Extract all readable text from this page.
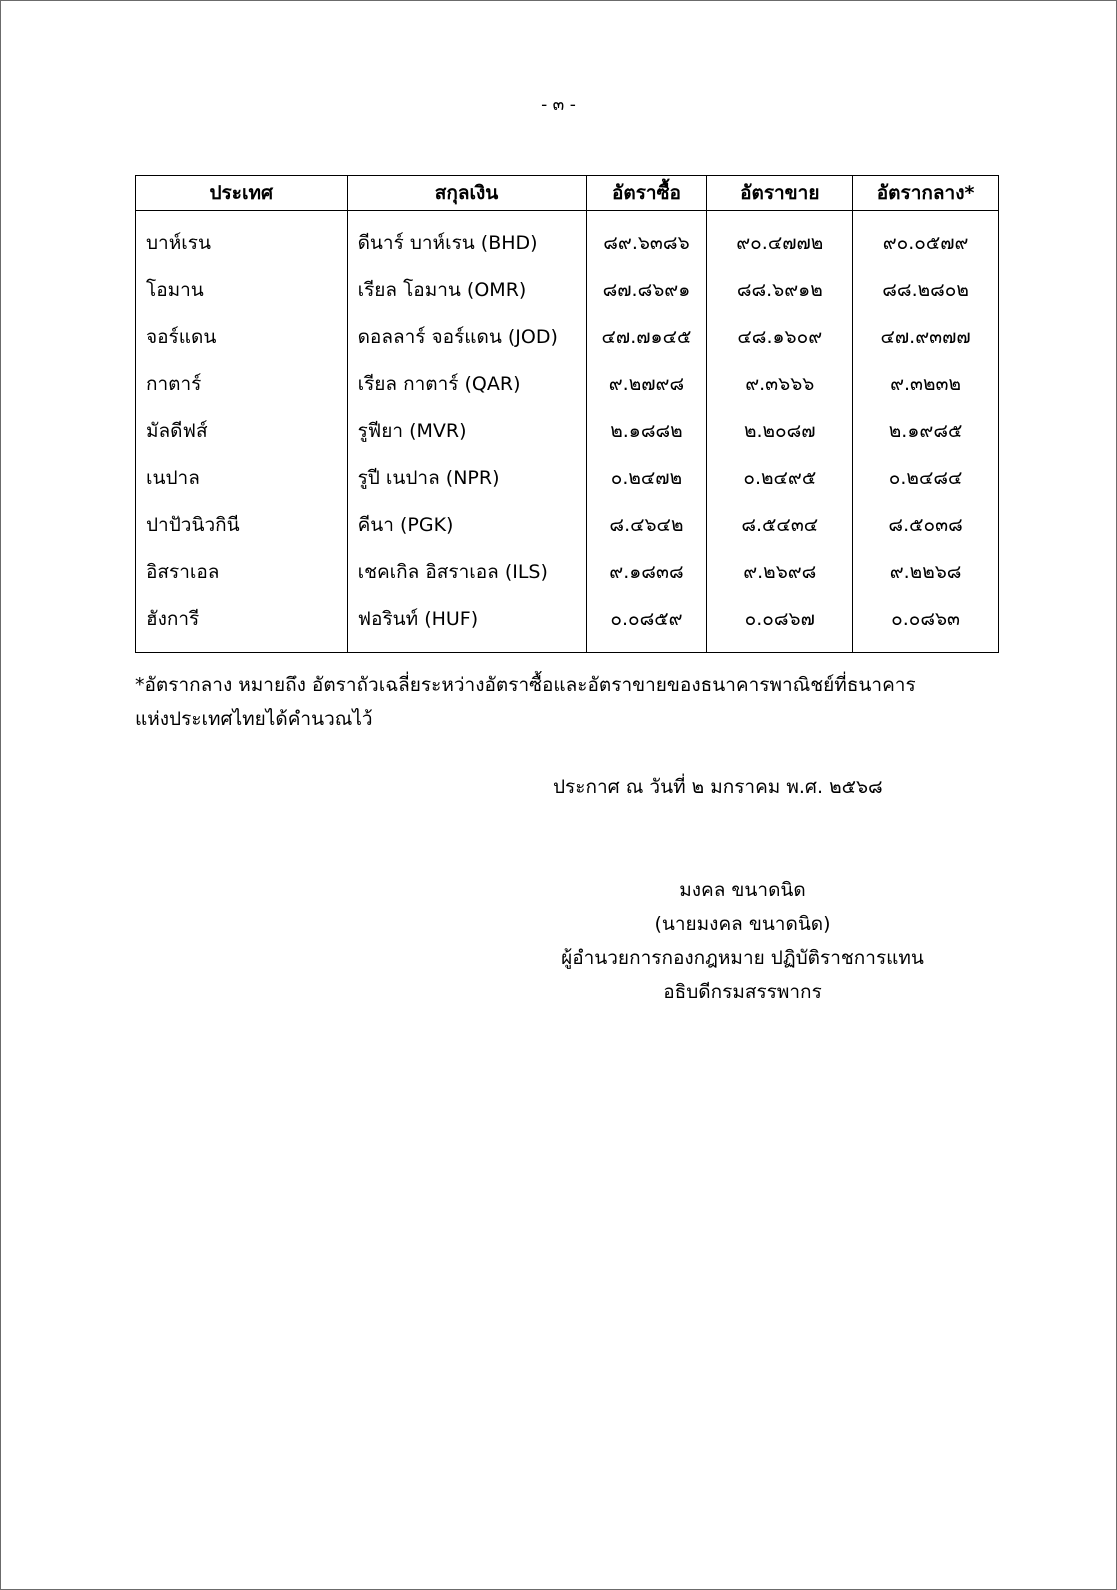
- ๓ -
ประเทศ	สกุลเงิน	อัตราซื้อ	อัตราขาย	อัตรากลาง*
บาห์เรน	ดีนาร์ บาห์เรน (BHD)	๘๙.๖๓๘๖	๙๐.๔๗๗๒	๙๐.๐๕๗๙
โอมาน	เรียล โอมาน (OMR)	๘๗.๘๖๙๑	๘๘.๖๙๑๒	๘๘.๒๘๐๒
จอร์แดน	ดอลลาร์ จอร์แดน (JOD)	๔๗.๗๑๔๕	๔๘.๑๖๐๙	๔๗.๙๓๗๗
กาตาร์	เรียล กาตาร์ (QAR)	๙.๒๗๙๘	๙.๓๖๖๖	๙.๓๒๓๒
มัลดีฟส์	รูฟียา (MVR)	๒.๑๘๘๒	๒.๒๐๘๗	๒.๑๙๘๕
เนปาล	รูปี เนปาล (NPR)	๐.๒๔๗๒	๐.๒๔๙๕	๐.๒๔๘๔
ปาปัวนิวกินี	คีนา (PGK)	๘.๔๖๔๒	๘.๕๔๓๔	๘.๕๐๓๘
อิสราเอล	เชคเกิล อิสราเอล (ILS)	๙.๑๘๓๘	๙.๒๖๙๘	๙.๒๒๖๘
ฮังการี	ฟอรินท์ (HUF)	๐.๐๘๕๙	๐.๐๘๖๗	๐.๐๘๖๓
*อัตรากลาง หมายถึง อัตราถัวเฉลี่ยระหว่างอัตราซื้อและอัตราขายของธนาคารพาณิชย์ที่ธนาคาร
แห่งประเทศไทยได้คำนวณไว้
ประกาศ ณ วันที่ ๒ มกราคม พ.ศ. ๒๕๖๘
มงคล ขนาดนิด
(นายมงคล ขนาดนิด)
ผู้อำนวยการกองกฎหมาย ปฏิบัติราชการแทน
อธิบดีกรมสรรพากร
